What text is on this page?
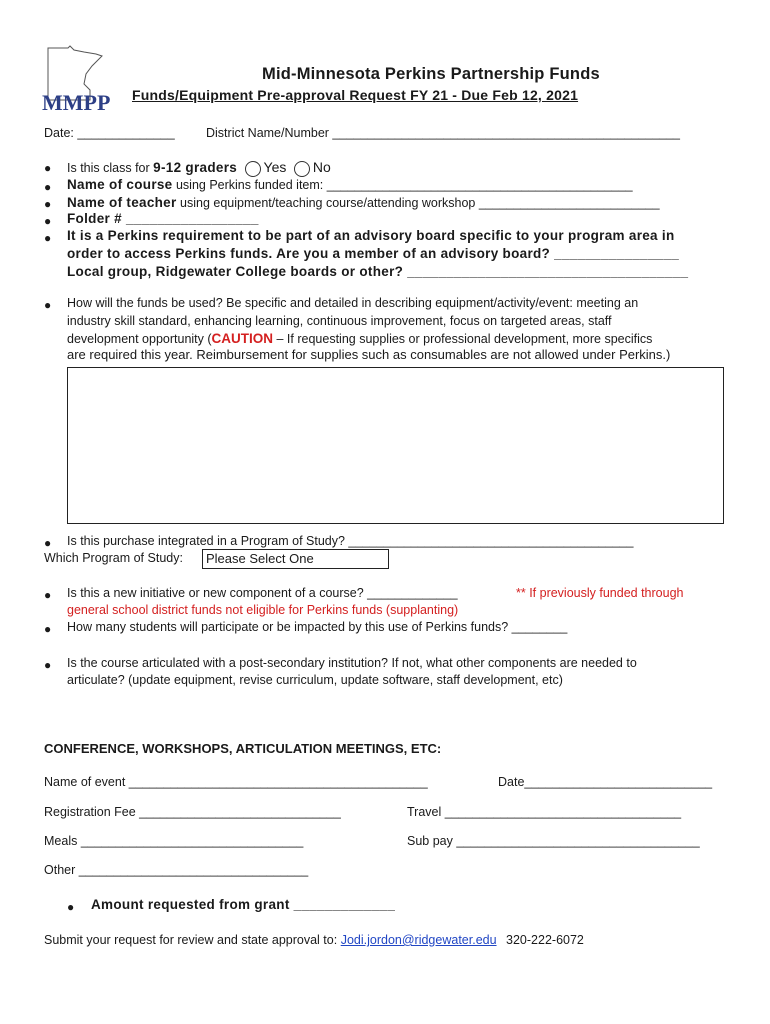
MMPP
Mid-Minnesota Perkins Partnership Funds
Funds/Equipment Pre-approval Request FY 21 - Due Feb 12, 2021
Date: ______________	District Name/Number __________________________________________________
● Is this class for 9-12 graders Yes No
● Name of course using Perkins funded item: ____________________________________________
● Name of teacher using equipment/teaching course/attending workshop __________________________
● Folder # _________________
● It is a Perkins requirement to be part of an advisory board specific to your program area in
order to access Perkins funds. Are you a member of an advisory board? ________________
Local group, Ridgewater College boards or other? ____________________________________
● How will the funds be used? Be specific and detailed in describing equipment/activity/event: meeting an
industry skill standard, enhancing learning, continuous improvement, focus on targeted areas, staff
development opportunity (CAUTION – If requesting supplies or professional development, more specifics
are required this year. Reimbursement for supplies such as consumables are not allowed under Perkins.)
● Is this purchase integrated in a Program of Study? _________________________________________
Which Program of Study:	Please Select One
● Is this a new initiative or new component of a course? _____________	** If previously funded through
general school district funds not eligible for Perkins funds (supplanting)
● How many students will participate or be impacted by this use of Perkins funds? ________
● Is the course articulated with a post-secondary institution? If not, what other components are needed to
articulate? (update equipment, revise curriculum, update software, staff development, etc)
CONFERENCE, WORKSHOPS, ARTICULATION MEETINGS, ETC:
Name of event ___________________________________________	Date___________________________
Registration Fee _____________________________	Travel __________________________________
Meals ________________________________	Sub pay ___________________________________
Other _________________________________
● Amount requested from grant _____________
Submit your request for review and state approval to: Jodi.jordon@ridgewater.edu 320-222-6072
